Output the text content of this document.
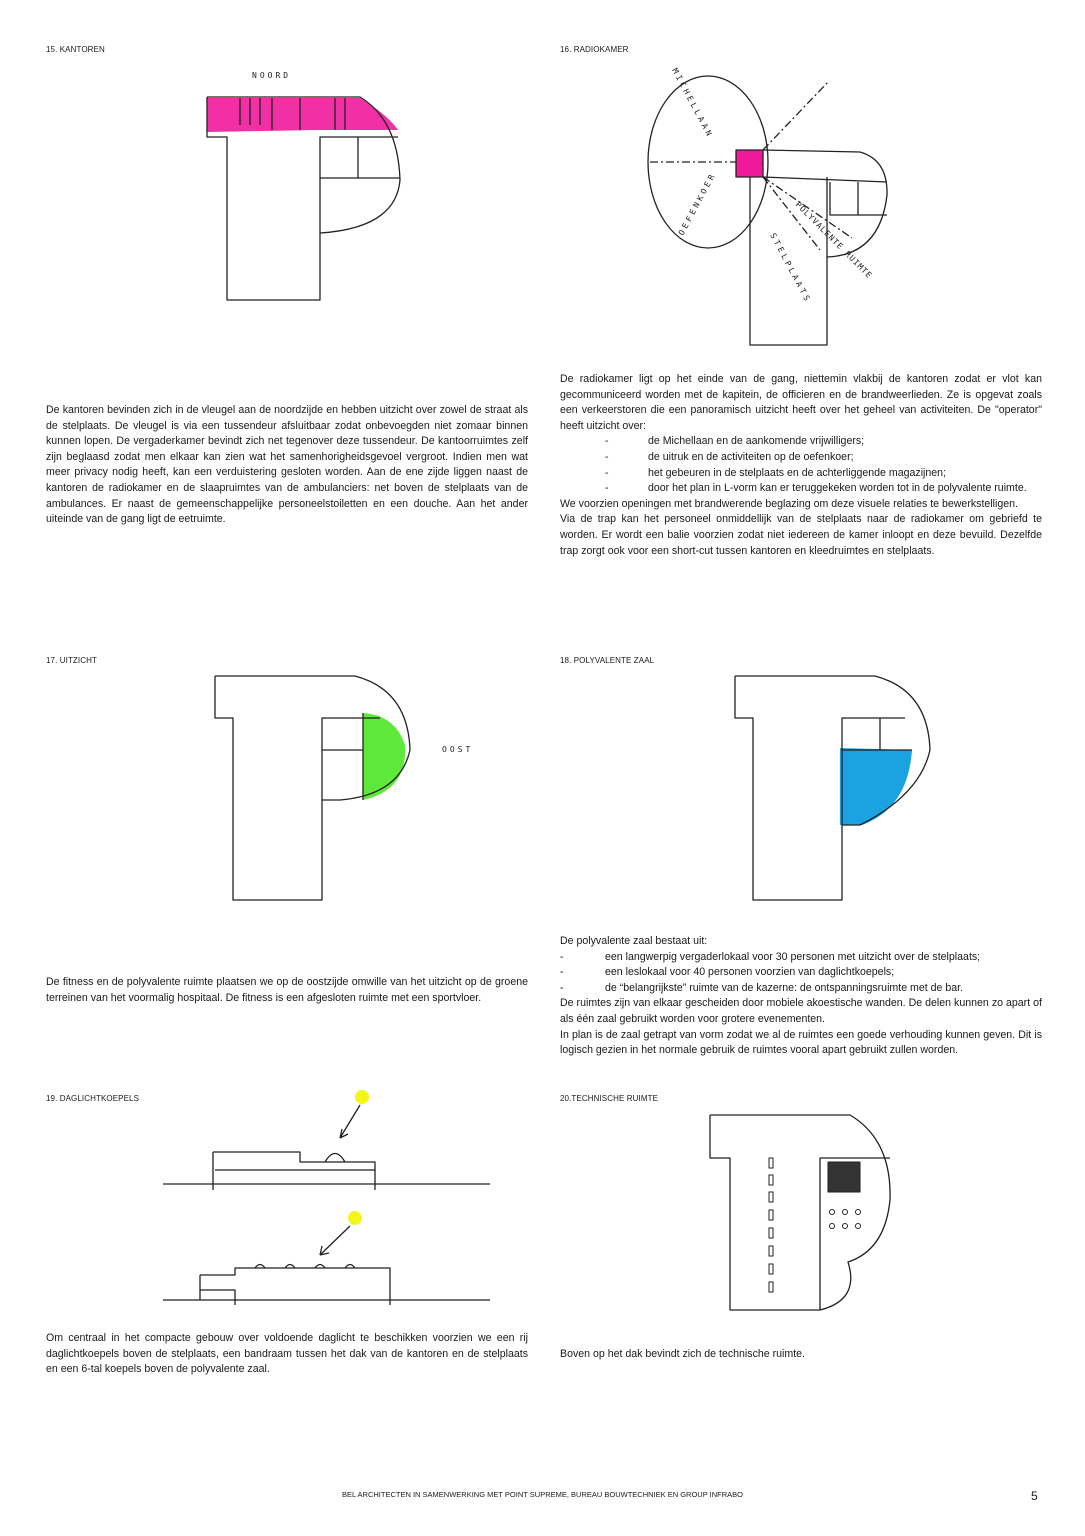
NOORD	MICHELLAAN
OEFENKOER
STELPLAATS
POLYVALENTE RUIMTE
OOST
15. KANTOREN	16. RADIOKAMER
17. UITZICHT	18. POLYVALENTE ZAAL
19. DAGLICHTKOEPELS	20.TECHNISCHE RUIMTE
De kantoren bevinden zich in de vleugel aan de noordzijde en hebben uitzicht over zowel de straat als de stelplaats. De vleugel is via een tussendeur afsluitbaar zodat onbevoegden niet zomaar binnen kunnen lopen. De vergaderkamer bevindt zich net tegenover deze tussendeur. De kantoorruimtes zelf zijn beglaasd zodat men elkaar kan zien wat het samenhorigheidsgevoel vergroot. Indien men wat meer privacy nodig heeft, kan een verduistering gesloten worden. Aan de ene zijde liggen naast de kantoren de radiokamer en de slaapruimtes van de ambulanciers: net boven de stelplaats van de ambulances. Er naast de gemeenschappelijke personeelstoiletten en een douche. Aan het ander uiteinde van de gang ligt de eetruimte.
De radiokamer ligt op het einde van de gang, niettemin vlakbij de kantoren zodat er vlot kan gecommuniceerd worden met de kapitein, de officieren en de brandweerlieden. Ze is opgevat zoals een verkeerstoren die een panoramisch uitzicht heeft over het geheel van activiteiten. De "operator" heeft uitzicht over:
-	de Michellaan en de aankomende vrijwilligers;
-	de uitruk en de activiteiten op de oefenkoer;
-	het gebeuren in de stelplaats en de achterliggende magazijnen;
-	door het plan in L-vorm kan er teruggekeken worden tot in de polyvalente ruimte.
We voorzien openingen met brandwerende beglazing om deze visuele relaties te bewerkstelligen.
Via de trap kan het personeel onmiddellijk van de stelplaats naar de radiokamer om gebriefd te worden. Er wordt een balie voorzien zodat niet iedereen de kamer inloopt en deze bevuild. Dezelfde trap zorgt ook voor een short-cut tussen kantoren en kleedruimtes en stelplaats.
De fitness en de polyvalente ruimte plaatsen we op de oostzijde omwille van het uitzicht op de groene terreinen van het voormalig hospitaal. De fitness is een afgesloten ruimte met een sportvloer.
De polyvalente zaal bestaat uit:
-	een langwerpig vergaderlokaal voor 30 personen met uitzicht over de stelplaats;
-	een leslokaal voor 40 personen voorzien van daglichtkoepels;
-	de “belangrijkste” ruimte van de kazerne: de ontspanningsruimte met de bar.
De ruimtes zijn van elkaar gescheiden door mobiele akoestische wanden. De delen kunnen zo apart of als één zaal gebruikt worden voor grotere evenementen.
In plan is de zaal getrapt van vorm zodat we al de ruimtes een goede verhouding kunnen geven. Dit is logisch gezien in het normale gebruik de ruimtes vooral apart gebruikt zullen worden.
Om centraal in het compacte gebouw over voldoende daglicht te beschikken voorzien we een rij daglichtkoepels boven de stelplaats, een bandraam tussen het dak van de kantoren en de stelplaats en een 6-tal koepels boven de polyvalente zaal.
Boven op het dak bevindt zich de technische ruimte.
BEL ARCHITECTEN IN SAMENWERKING MET POINT SUPREME, BUREAU BOUWTECHNIEK EN GROUP INFRABO	5
